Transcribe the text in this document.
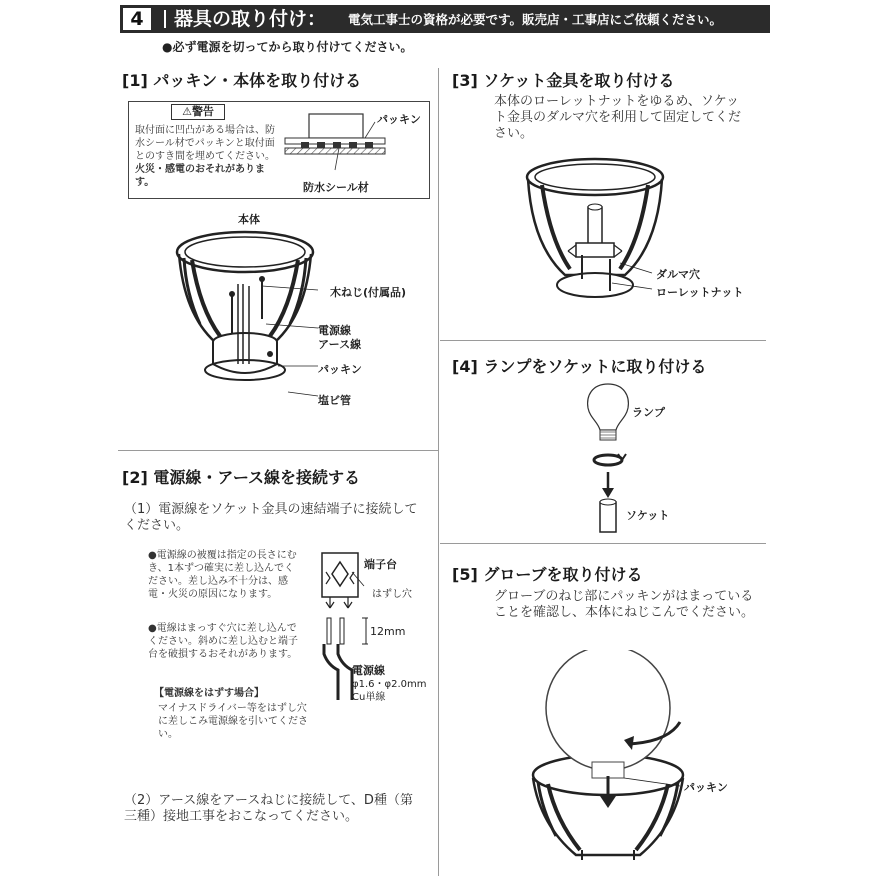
4	器具の取り付け： 電気工事士の資格が必要です。販売店・工事店にご依頼ください。
●必ず電源を切ってから取り付けてください。
[1] パッキン・本体を取り付ける
⚠警告
取付面に凹凸がある場合は、防水シール材でパッキンと取付面とのすき間を埋めてください。火災・感電のおそれがあります。
パッキン
防水シール材
本体
木ねじ(付属品)
電源線
アース線
パッキン
塩ビ管
[2] 電源線・アース線を接続する
（1）電源線をソケット金具の速結端子に接続してください。
●電源線の被覆は指定の長さにむき、1本ずつ確実に差し込んでください。差し込み不十分は、感電・火災の原因になります。
●電線はまっすぐ穴に差し込んでください。斜めに差し込むと端子台を破損するおそれがあります。
【電源線をはずす場合】
マイナスドライバー等をはずし穴に差しこみ電源線を引いてください。
端子台
はずし穴
12mm
電源線
φ1.6・φ2.0mm
Cu単線
（2）アース線をアースねじに接続して、D種（第三種）接地工事をおこなってください。
[3] ソケット金具を取り付ける
本体のローレットナットをゆるめ、ソケット金具のダルマ穴を利用して固定してください。
ダルマ穴
ローレットナット
[4] ランプをソケットに取り付ける
ランプ
ソケット
[5] グローブを取り付ける
グローブのねじ部にパッキンがはまっていることを確認し、本体にねじこんでください。
パッキン
